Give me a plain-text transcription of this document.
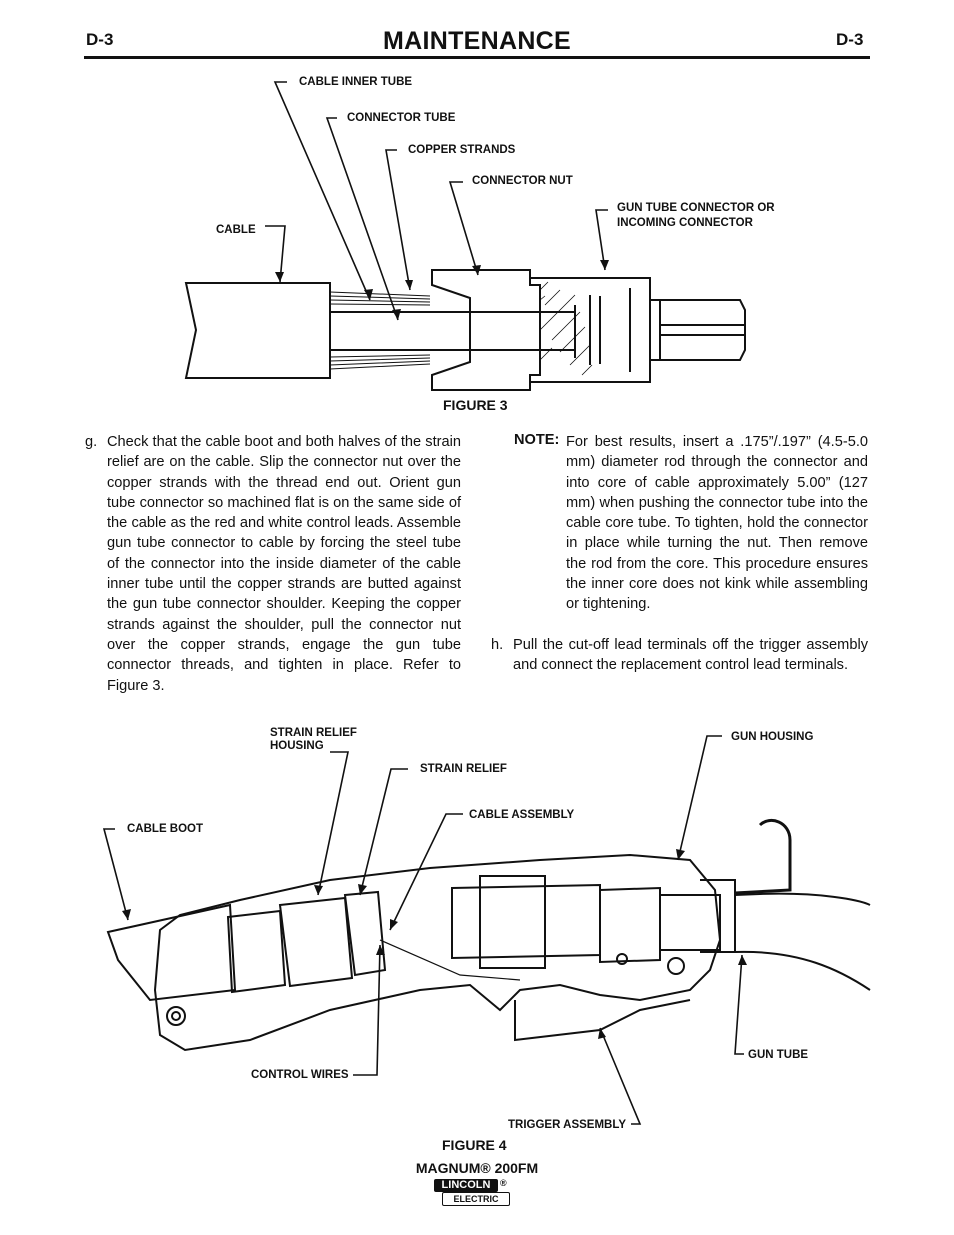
D-3	MAINTENANCE	D-3
CABLE INNER TUBE
CONNECTOR TUBE
COPPER STRANDS
CONNECTOR NUT
GUN TUBE CONNECTOR OR
INCOMING CONNECTOR
CABLE
FIGURE 3
g. Check that the cable boot and both halves of the strain relief are on the cable. Slip the connector nut over the copper strands with the thread end out. Orient gun tube connector so machined flat is on the same side of the cable as the red and white control leads. Assemble gun tube connector to cable by forcing the steel tube of the connector into the inside diameter of the cable inner tube until the copper strands are butted against the gun tube connector shoulder. Keeping the copper strands against the shoulder, pull the connector nut over the copper strands, engage the gun tube connector threads, and tighten in place. Refer to Figure 3.
NOTE: For best results, insert a .175”/.197” (4.5-5.0 mm) diameter rod through the connector and into core of cable approximately 5.00” (127 mm) when pushing the connector tube into the cable core tube. To tighten, hold the connector in place while turning the nut. Then remove the rod from the core. This procedure ensures the inner core does not kink while assembling or tightening.
h. Pull the cut-off lead terminals off the trigger assembly and connect the replacement control lead terminals.
STRAIN RELIEF
HOUSING
STRAIN RELIEF
CABLE ASSEMBLY
GUN HOUSING
CABLE BOOT
GUN TUBE
CONTROL WIRES
TRIGGER ASSEMBLY
FIGURE 4
MAGNUM® 200FM
LINCOLN	®
ELECTRIC
